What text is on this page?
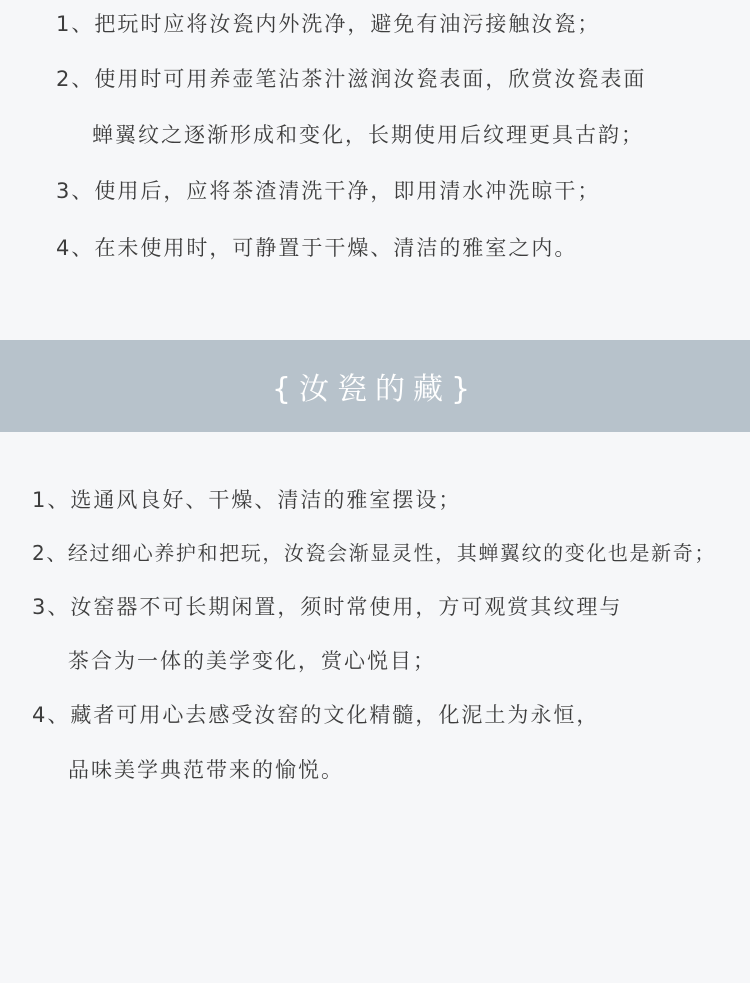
1、把玩时应将汝瓷内外洗净，避免有油污接触汝瓷；
2、使用时可用养壶笔沾茶汁滋润汝瓷表面，欣赏汝瓷表面
蝉翼纹之逐渐形成和变化，长期使用后纹理更具古韵；
3、使用后，应将茶渣清洗干净，即用清水冲洗晾干；
4、在未使用时，可静置于干燥、清洁的雅室之内。
{汝瓷的藏}
1、选通风良好、干燥、清洁的雅室摆设；
2、经过细心养护和把玩，汝瓷会渐显灵性，其蝉翼纹的变化也是新奇；
3、汝窑器不可长期闲置，须时常使用，方可观赏其纹理与
茶合为一体的美学变化，赏心悦目；
4、藏者可用心去感受汝窑的文化精髓，化泥土为永恒，
品味美学典范带来的愉悦。
